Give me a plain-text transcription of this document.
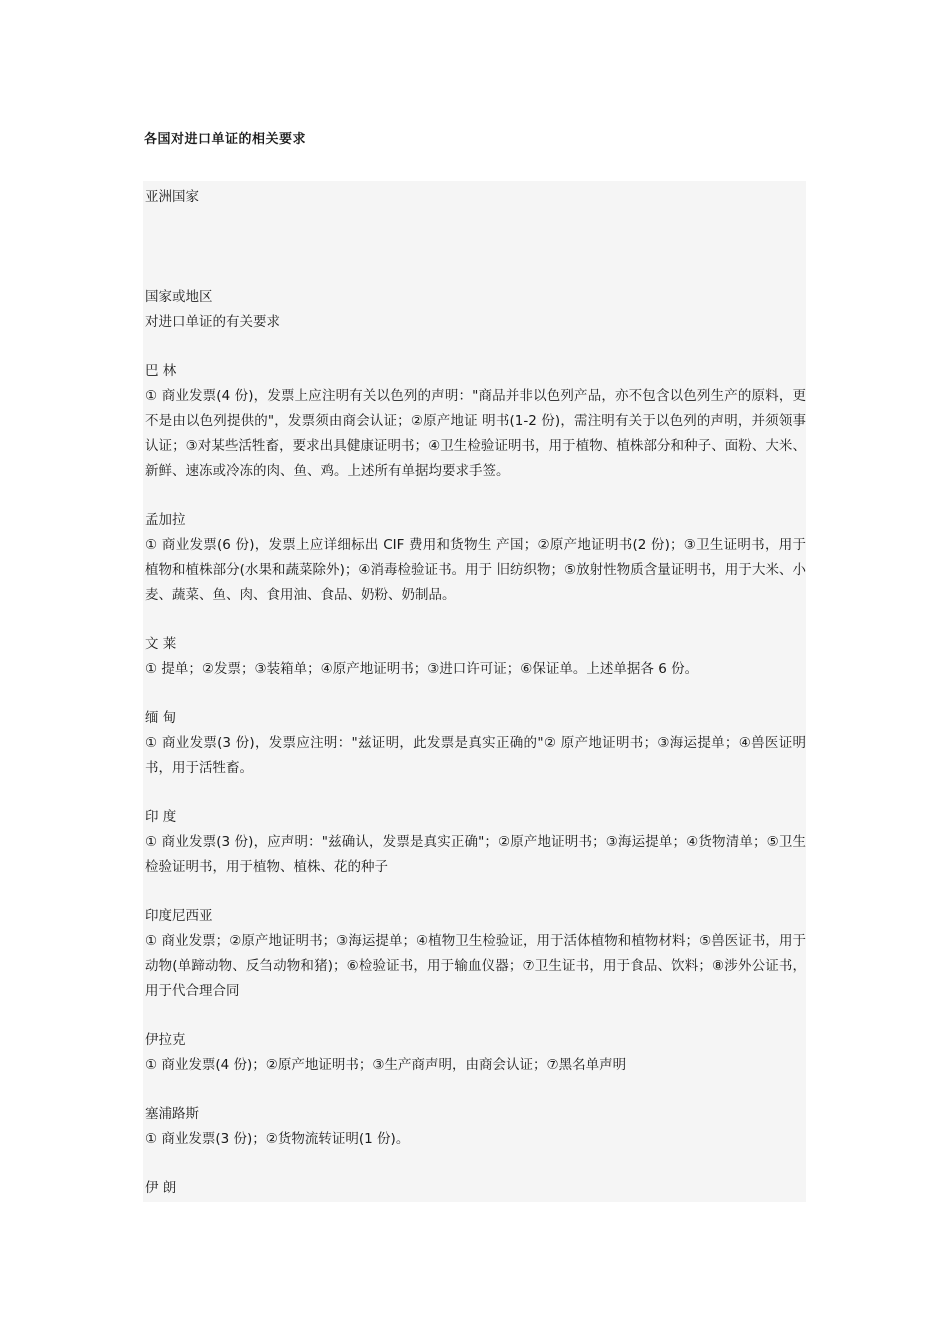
各国对进口单证的相关要求

亚洲国家

国家或地区

对进口单证的有关要求

巴 林

① 商业发票(4 份)，发票上应注明有关以色列的声明："商品并非以色列产品，亦不包含以色列生产的原料，更 不是由以色列提供的"，发票须由商会认证；②原产地证 明书(1-2 份)，需注明有关于以色列的声明，并须领事 认证；③对某些活牲畜，要求出具健康证明书；④卫生检验证明书，用于植物、植株部分和种子、面粉、大米、新鲜、速冻或冷冻的肉、鱼、鸡。上述所有单据均要求手签。

孟加拉

① 商业发票(6 份)，发票上应详细标出 CIF 费用和货物生 产国；②原产地证明书(2 份)；③卫生证明书，用于植物和植株部分(水果和蔬菜除外)；④消毒检验证书。用于 旧纺织物；⑤放射性物质含量证明书，用于大米、小麦、蔬菜、鱼、肉、食用油、食品、奶粉、奶制品。

文 莱

① 提单；②发票；③装箱单；④原产地证明书；③进口许可证；⑥保证单。上述单据各 6 份。

缅 甸

① 商业发票(3 份)，发票应注明："兹证明，此发票是真实正确的"② 原产地证明书；③海运提单；④兽医证明书，用于活牲畜。

印 度

① 商业发票(3 份)，应声明："兹确认，发票是真实正确"；②原产地证明书；③海运提单；④货物清单；⑤卫生检验证明书，用于植物、植株、花的种子

印度尼西亚

① 商业发票；②原产地证明书；③海运提单；④植物卫生检验证，用于活体植物和植物材料；⑤兽医证书，用于动物(单蹄动物、反刍动物和猪)；⑥检验证书，用于输血仪器；⑦卫生证书，用于食品、饮料；⑧涉外公证书，用于代合理合同

伊拉克

① 商业发票(4 份)；②原产地证明书；③生产商声明，由商会认证；⑦黑名单声明

塞浦路斯

① 商业发票(3 份)；②货物流转证明(1 份)。

伊 朗
